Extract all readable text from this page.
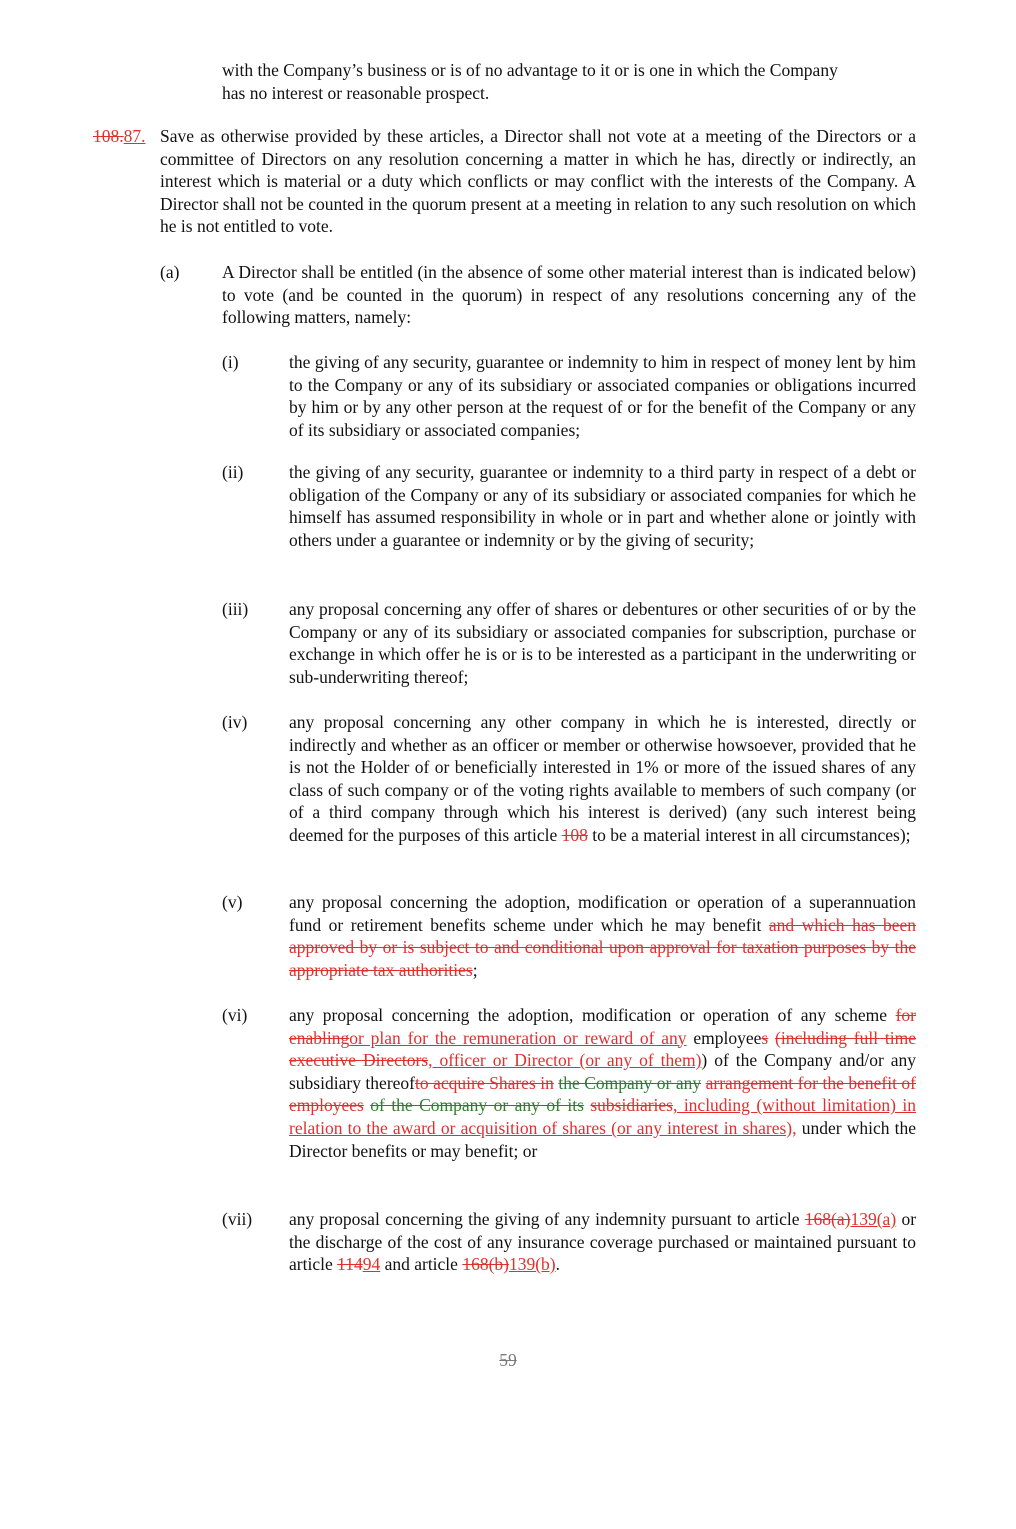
with the Company’s business or is of no advantage to it or is one in which the Company

has no interest or reasonable prospect.

108.87. Save as otherwise provided by these articles, a Director shall not vote at a meeting of the Directors or a committee of Directors on any resolution concerning a matter in which he has, directly or indirectly, an interest which is material or a duty which conflicts or may conflict with the interests of the Company. A Director shall not be counted in the quorum present at a meeting in relation to any such resolution on which he is not entitled to vote.

(a) A Director shall be entitled (in the absence of some other material interest than is indicated below) to vote (and be counted in the quorum) in respect of any resolutions concerning any of the following matters, namely:

(i)	the giving of any security, guarantee or indemnity to him in respect of money lent by him to the Company or any of its subsidiary or associated companies or obligations incurred by him or by any other person at the request of or for the benefit of the Company or any of its subsidiary or associated companies;

(ii)	the giving of any security, guarantee or indemnity to a third party in respect of a debt or obligation of the Company or any of its subsidiary or associated companies for which he himself has assumed responsibility in whole or in part and whether alone or jointly with others under a guarantee or indemnity or by the giving of security;

(iii) any proposal concerning any offer of shares or debentures or other securities of or by the Company or any of its subsidiary or associated companies for subscription, purchase or exchange in which offer he is or is to be interested as a participant in the underwriting or sub-underwriting thereof;

(iv) any proposal concerning any other company in which he is interested, directly or indirectly and whether as an officer or member or otherwise howsoever, provided that he is not the Holder of or beneficially interested in 1% or more of the issued shares of any class of such company or of the voting rights available to members of such company (or of a third company through which his interest is derived) (any such interest being deemed for the purposes of this article 108 to be a material interest in all circumstances);

(v)	any proposal concerning the adoption, modification or operation of a superannuation fund or retirement benefits scheme under which he may benefit and which has been approved by or is subject to and conditional upon approval for taxation purposes by the appropriate tax authorities;

(vi) any proposal concerning the adoption, modification or operation of any scheme for enablingor plan for the remuneration or reward of any employees (including full time executive Directors, officer or Director (or any of them)) of the Company and/or any subsidiary thereofto acquire Shares in the Company or any arrangement for the benefit of employees of the Company or any of its subsidiaries, including (without limitation) in relation to the award or acquisition of shares (or any interest in shares), under which the Director benefits or may benefit; or

(vii) any proposal concerning the giving of any indemnity pursuant to article 168(a)139(a) or the discharge of the cost of any insurance coverage purchased or maintained pursuant to article 11494 and article 168(b)139(b).

59
